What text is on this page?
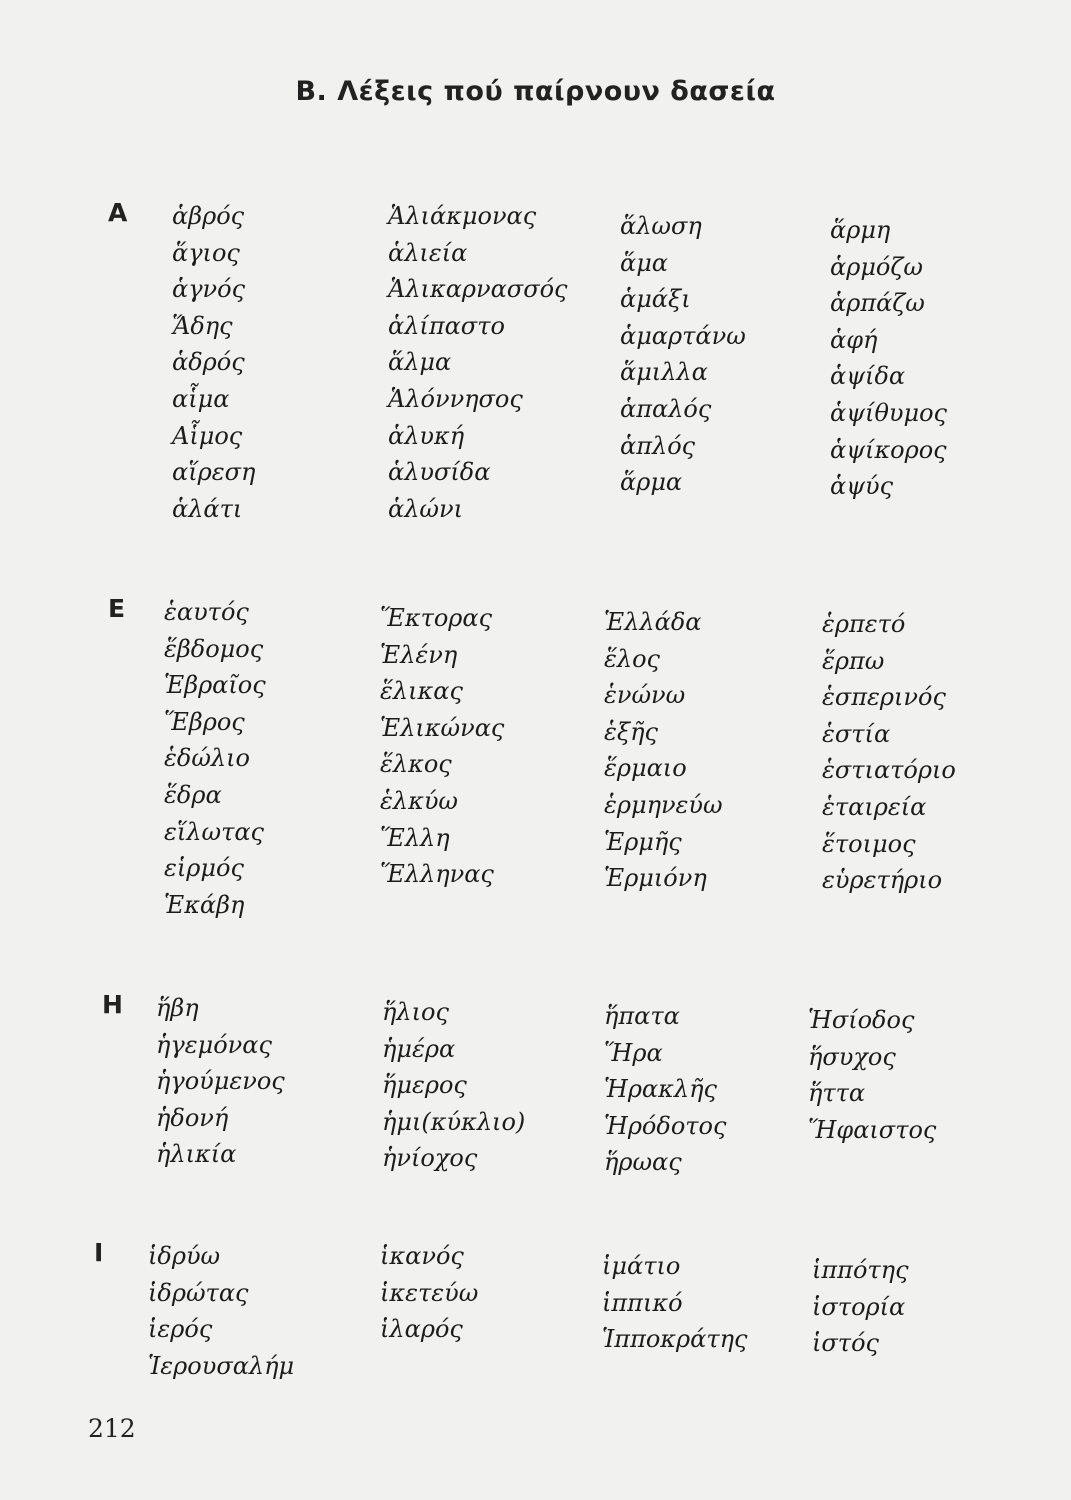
Β. Λέξεις πού παίρνουν δασεία
Α ἁβρός
ἅγιος
ἁγνός
Ἅδης
ἁδρός
αἷμα
Αἷμος
αἵρεση
ἁλάτι
Ἁλιάκμονας
ἁλιεία
Ἁλικαρνασσός
ἁλίπαστο
ἅλμα
Ἁλόννησος
ἁλυκή
ἁλυσίδα
ἁλώνι
ἅλωση
ἅμα
ἁμάξι
ἁμαρτάνω
ἅμιλλα
ἁπαλός
ἁπλός
ἅρμα
ἅρμη
ἁρμόζω
ἁρπάζω
ἁφή
ἁψίδα
ἁψίθυμος
ἁψίκορος
ἁψύς
Ε ἑαυτός
ἕβδομος
Ἑβραῖος
Ἕβρος
ἑδώλιο
ἕδρα
εἵλωτας
εἱρμός
Ἑκάβη
Ἕκτορας
Ἑλένη
ἕλικας
Ἑλικώνας
ἕλκος
ἑλκύω
Ἕλλη
Ἕλληνας
Ἑλλάδα
ἕλος
ἑνώνω
ἑξῆς
ἕρμαιο
ἑρμηνεύω
Ἑρμῆς
Ἑρμιόνη
ἑρπετό
ἕρπω
ἑσπερινός
ἑστία
ἑστιατόριο
ἑταιρεία
ἕτοιμος
εὑρετήριο
Η ἥβη
ἡγεμόνας
ἡγούμενος
ἡδονή
ἡλικία
ἥλιος
ἡμέρα
ἥμερος
ἡμι(κύκλιο)
ἡνίοχος
ἥπατα
Ἥρα
Ἡρακλῆς
Ἡρόδοτος
ἥρωας
Ἡσίοδος
ἥσυχος
ἥττα
Ἥφαιστος
Ι ἱδρύω
ἱδρώτας
ἱερός
Ἱερουσαλήμ
ἱκανός
ἱκετεύω
ἱλαρός
ἱμάτιο
ἱππικό
Ἱπποκράτης
ἱππότης
ἱστορία
ἱστός
212
